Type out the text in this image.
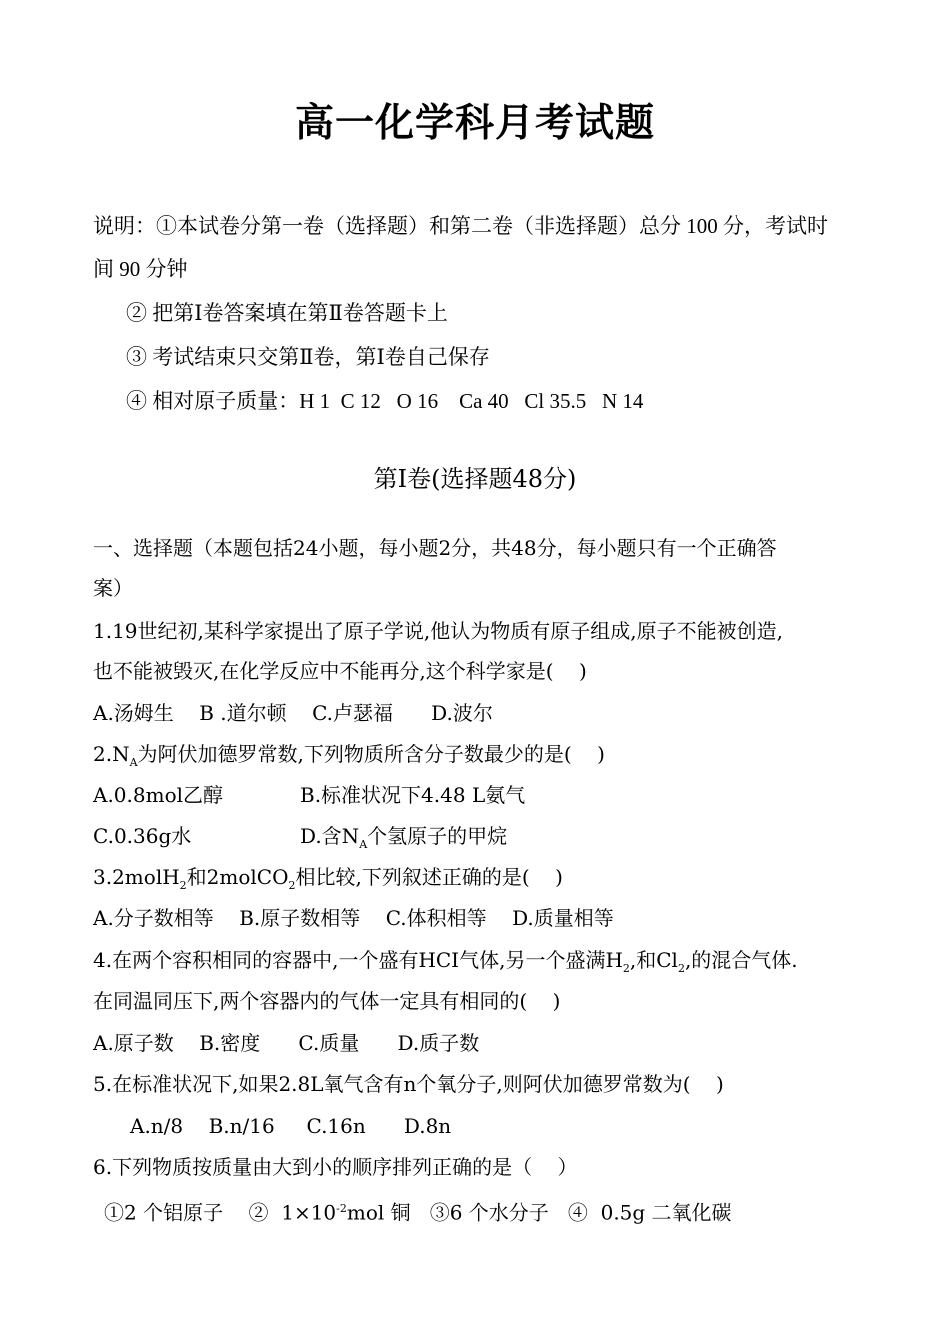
高一化学科月考试题
说明：①本试卷分第一卷（选择题）和第二卷（非选择题）总分 100 分，考试时
间 90 分钟
② 把第Ⅰ卷答案填在第Ⅱ卷答题卡上
③ 考试结束只交第Ⅱ卷，第Ⅰ卷自己保存
④ 相对原子质量：H 1  C 12   O 16    Ca 40   Cl 35.5   N 14
第Ⅰ卷(选择题48分)
一、选择题（本题包括24小题，每小题2分，共48分，每小题只有一个正确答
案）
1.19世纪初,某科学家提出了原子学说,他认为物质有原子组成,原子不能被创造,
也不能被毁灭,在化学反应中不能再分,这个科学家是(    )
A.汤姆生    B .道尔顿    C.卢瑟福      D.波尔
$2.N_A$为阿伏加德罗常数,下列物质所含分子数最少的是(    )
A.0.8mol乙醇	B.标准状况下4.48 L氨气
C.0.36g水	D.含$N_A$个氢原子的甲烷
3.2molH$_2$和2molCO$_2$相比较,下列叙述正确的是(    )
A.分子数相等    B.原子数相等    C.体积相等    D.质量相等
4.在两个容积相同的容器中,一个盛有HCI气体,另一个盛满$H_2$,和$Cl_2$,的混合气体.
在同温同压下,两个容器内的气体一定具有相同的(    )
A.原子数    B.密度      C.质量      D.质子数
5.在标准状况下,如果2.8L氧气含有n个氧分子,则阿伏加德罗常数为(    )
A.n/8    B.n/16     C.16n      D.8n
6.下列物质按质量由大到小的顺序排列正确的是（    ）
①2 个铝原子    ②  $1\times 10^{-2}mol$ 铜   ③6 个水分子   ④  0.5g 二氧化碳
